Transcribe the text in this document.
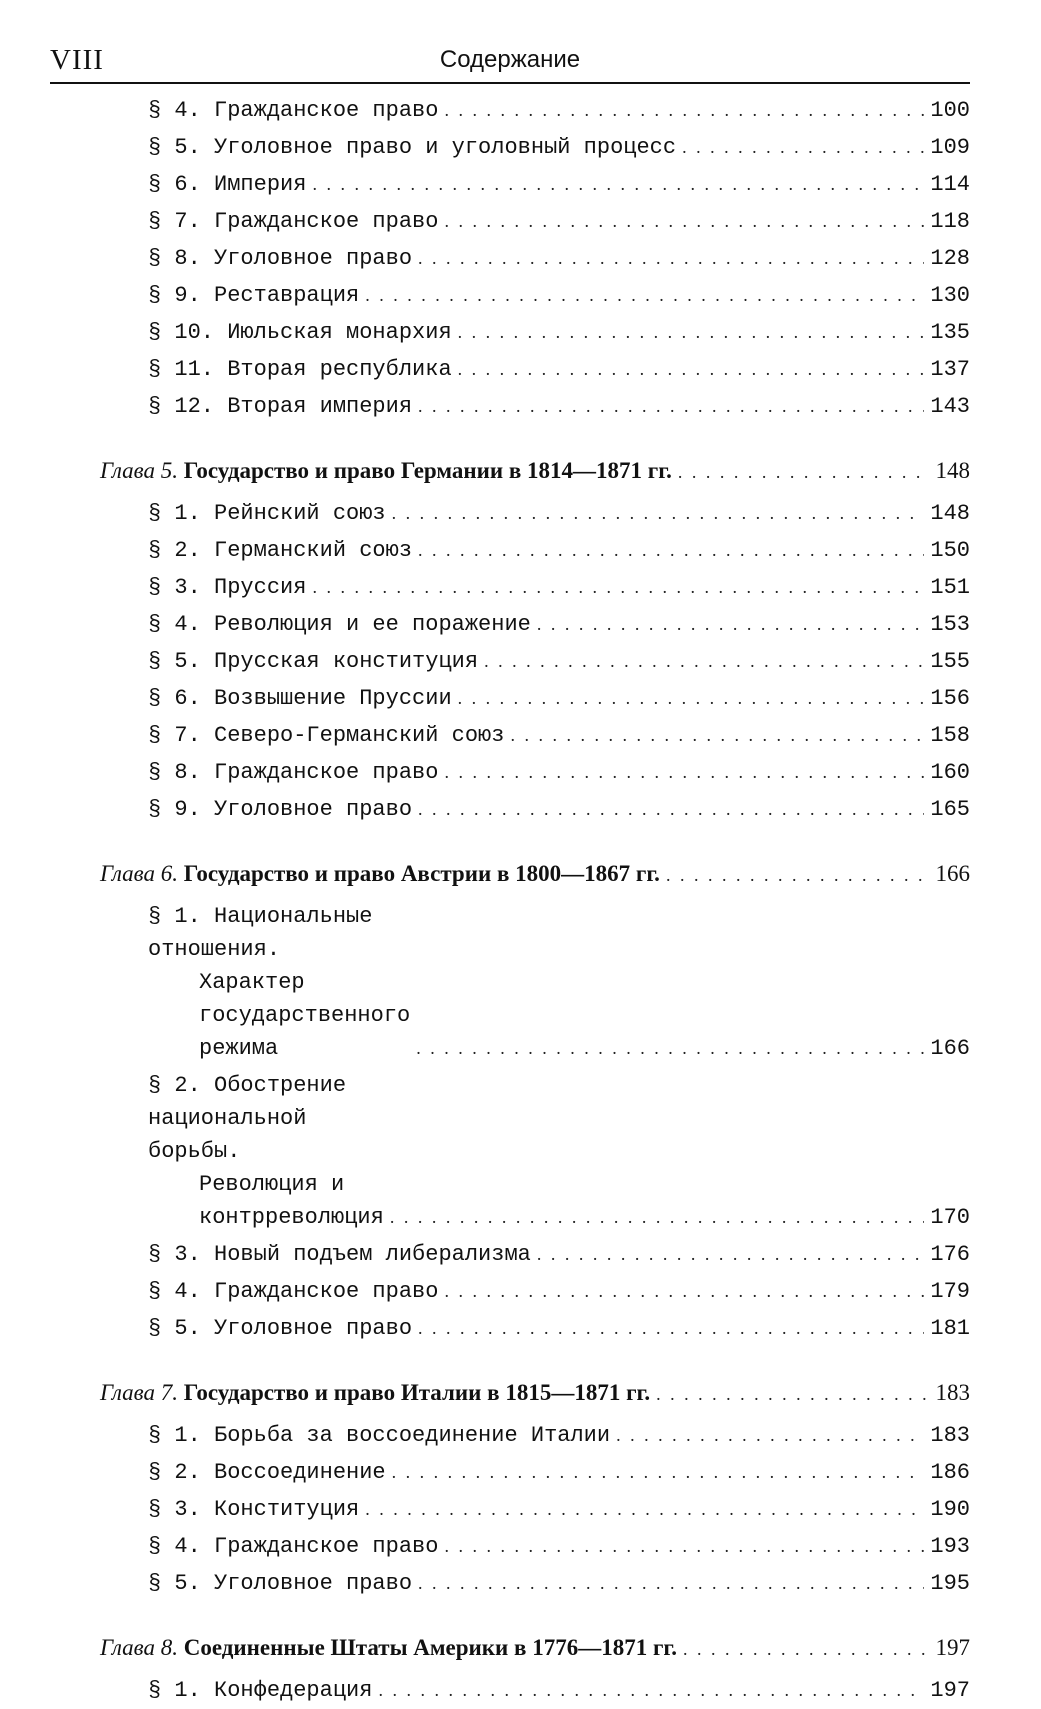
VIII	Содержание
§ 4. Гражданское право . . .	100
§ 5. Уголовное право и уголовный процесс . . .	109
§ 6. Империя . . .	114
§ 7. Гражданское право . . .	118
§ 8. Уголовное право . . .	128
§ 9. Реставрация . . .	130
§ 10. Июльская монархия . . .	135
§ 11. Вторая республика . . .	137
§ 12. Вторая империя . . .	143
Глава 5. Государство и право Германии в 1814—1871 гг. . . .	148
§ 1. Рейнский союз . . .	148
§ 2. Германский союз . . .	150
§ 3. Пруссия . . .	151
§ 4. Революция и ее поражение . . .	153
§ 5. Прусская конституция . . .	155
§ 6. Возвышение Пруссии . . .	156
§ 7. Северо-Германский союз . . .	158
§ 8. Гражданское право . . .	160
§ 9. Уголовное право . . .	165
Глава 6. Государство и право Австрии в 1800—1867 гг. . . .	166
§ 1. Национальные отношения.
Характер государственного режима . . .	166
§ 2. Обострение национальной борьбы.
Революция и контрреволюция . . .	170
§ 3. Новый подъем либерализма . . .	176
§ 4. Гражданское право . . .	179
§ 5. Уголовное право . . .	181
Глава 7. Государство и право Италии в 1815—1871 гг. . . .	183
§ 1. Борьба за воссоединение Италии . . .	183
§ 2. Воссоединение . . .	186
§ 3. Конституция . . .	190
§ 4. Гражданское право . . .	193
§ 5. Уголовное право . . .	195
Глава 8. Соединенные Штаты Америки в 1776—1871 гг. . . .	197
§ 1. Конфедерация . . .	197
